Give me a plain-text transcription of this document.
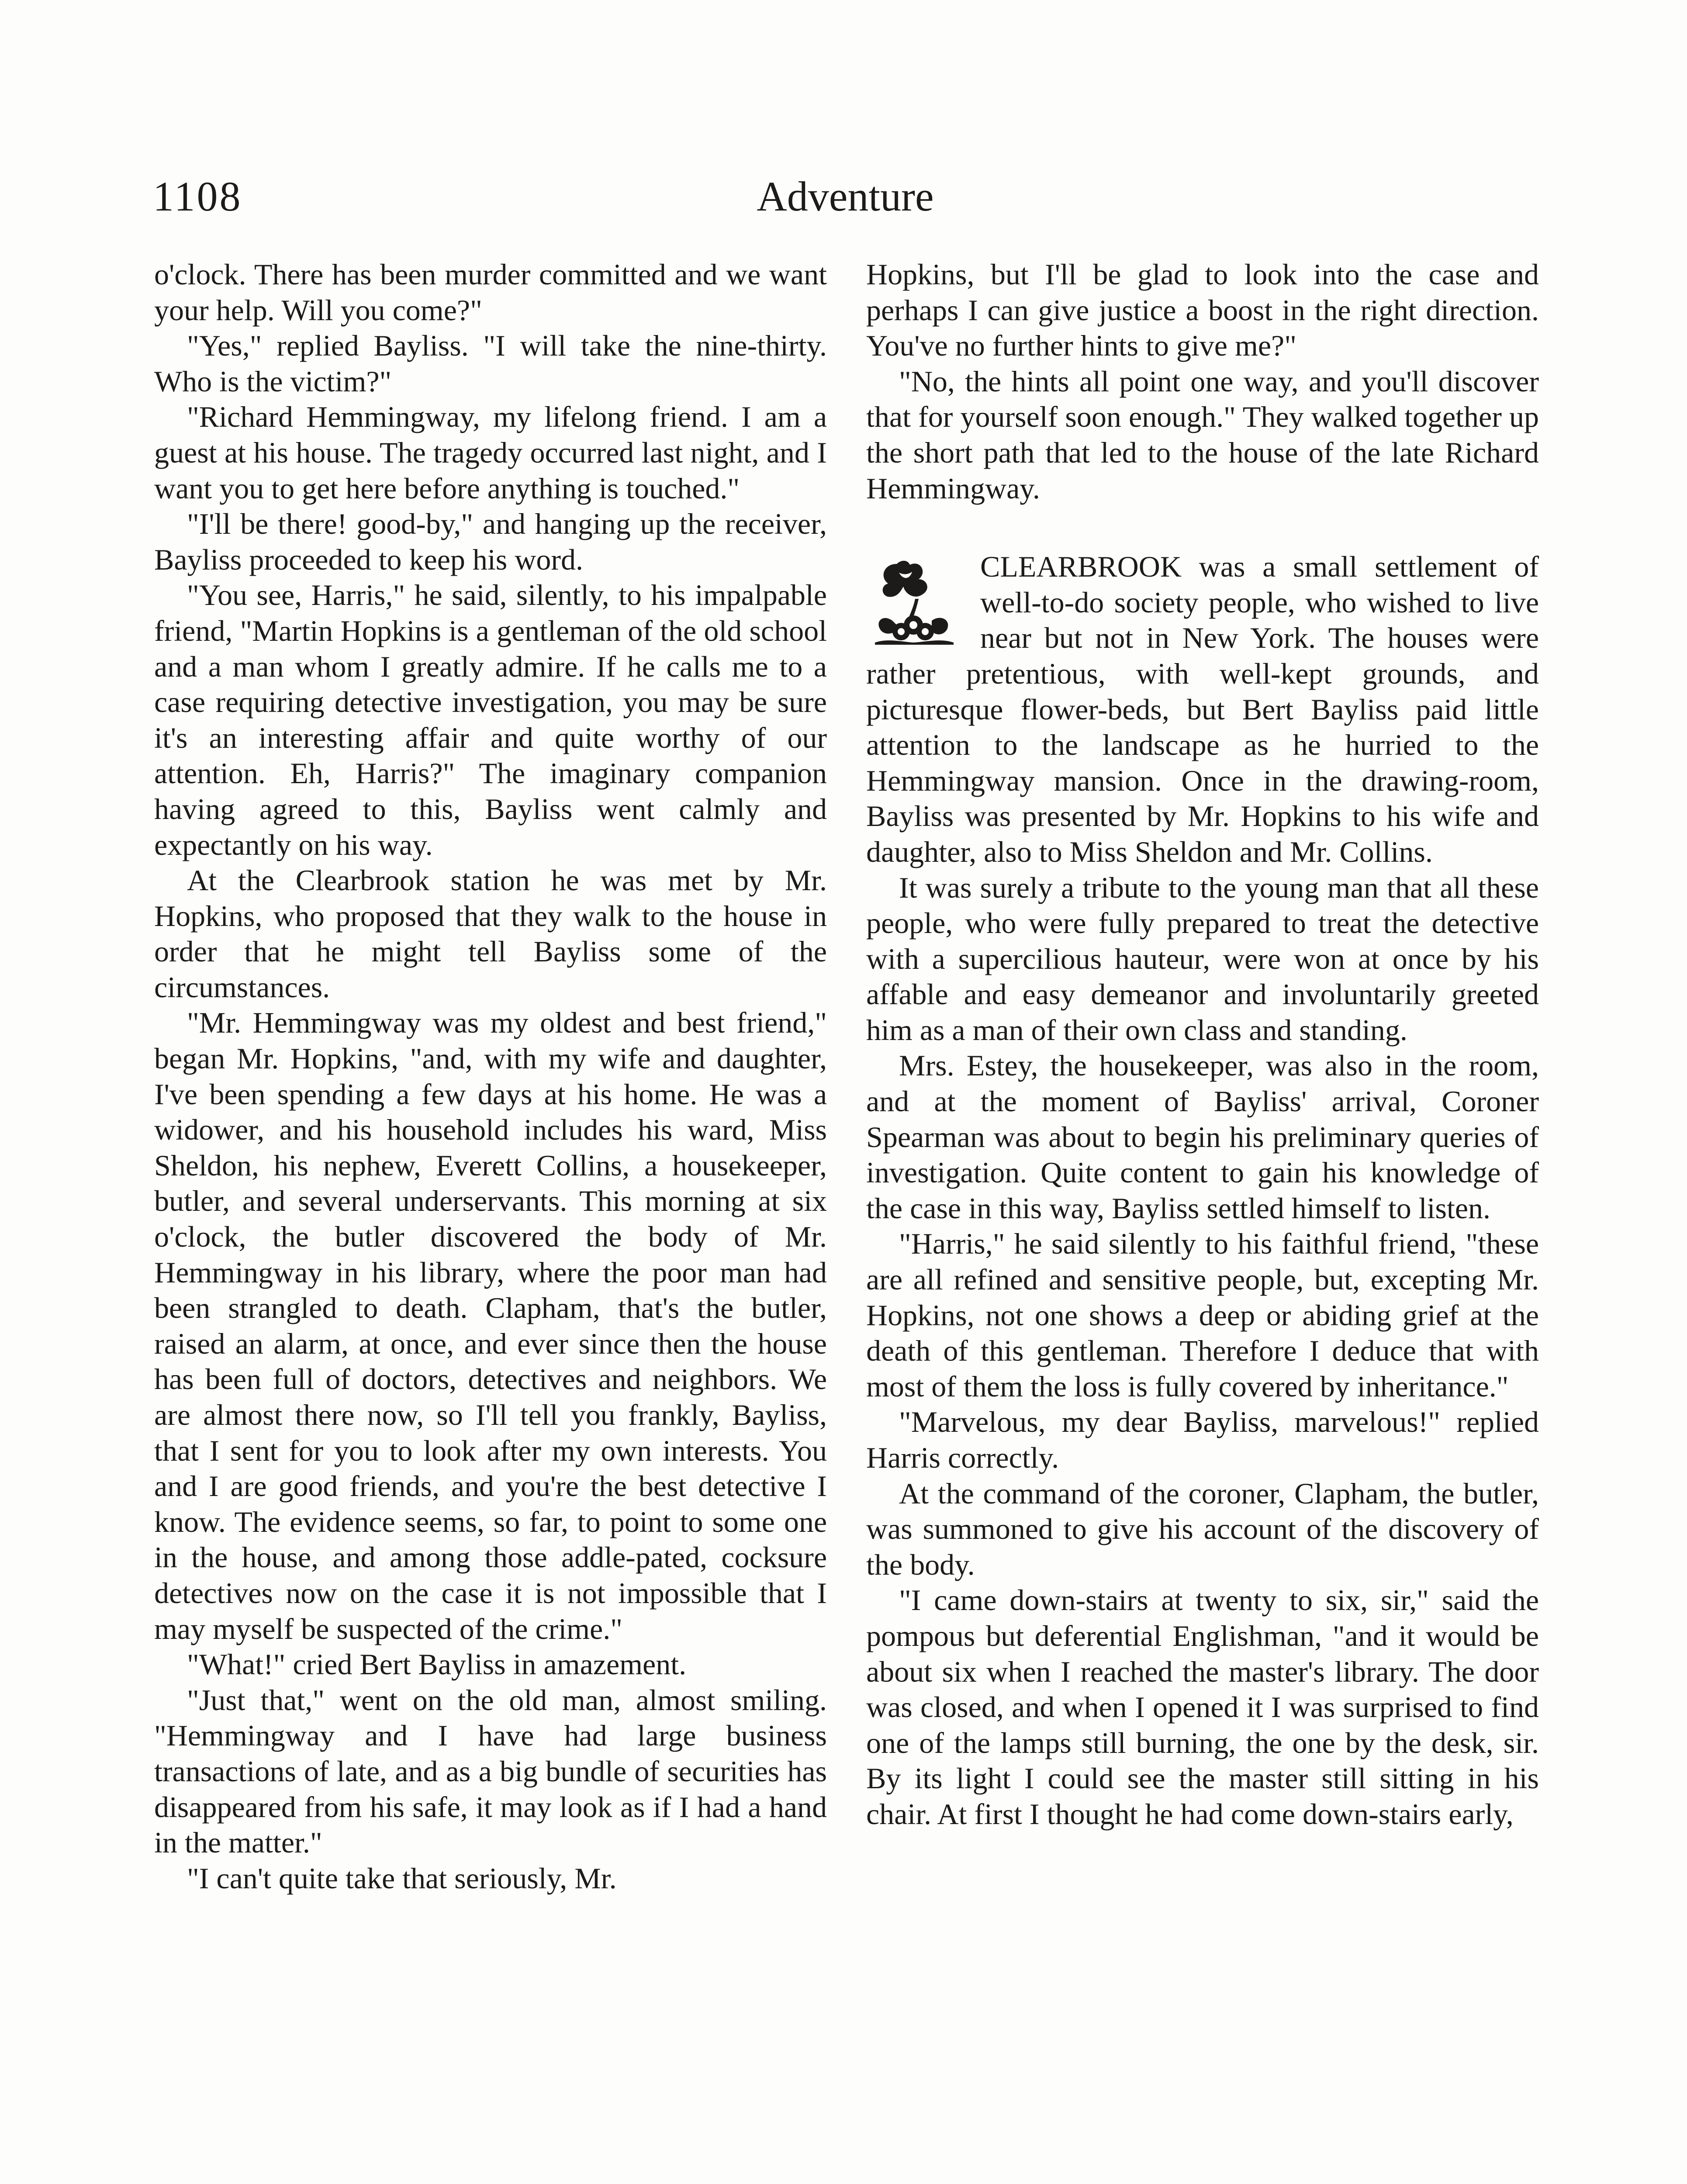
1108	Adventure

o'clock. There has been murder committed and we want your help. Will you come?"

"Yes," replied Bayliss. "I will take the nine-thirty. Who is the victim?"

"Richard Hemmingway, my lifelong friend. I am a guest at his house. The tragedy occurred last night, and I want you to get here before anything is touched."

"I'll be there! good-by," and hanging up the receiver, Bayliss proceeded to keep his word.

"You see, Harris," he said, silently, to his impalpable friend, "Martin Hopkins is a gentleman of the old school and a man whom I greatly admire. If he calls me to a case requiring detective investigation, you may be sure it's an interesting affair and quite worthy of our attention. Eh, Harris?" The imaginary companion having agreed to this, Bayliss went calmly and expectantly on his way.

At the Clearbrook station he was met by Mr. Hopkins, who proposed that they walk to the house in order that he might tell Bayliss some of the circumstances.

"Mr. Hemmingway was my oldest and best friend," began Mr. Hopkins, "and, with my wife and daughter, I've been spending a few days at his home. He was a widower, and his household includes his ward, Miss Sheldon, his nephew, Everett Collins, a housekeeper, butler, and several underservants. This morning at six o'clock, the butler discovered the body of Mr. Hemmingway in his library, where the poor man had been strangled to death. Clapham, that's the butler, raised an alarm, at once, and ever since then the house has been full of doctors, detectives and neighbors. We are almost there now, so I'll tell you frankly, Bayliss, that I sent for you to look after my own interests. You and I are good friends, and you're the best detective I know. The evidence seems, so far, to point to some one in the house, and among those addle-pated, cocksure detectives now on the case it is not impossible that I may myself be suspected of the crime."

"What!" cried Bert Bayliss in amazement.

"Just that," went on the old man, almost smiling. "Hemmingway and I have had large business transactions of late, and as a big bundle of securities has disappeared from his safe, it may look as if I had a hand in the matter."

"I can't quite take that seriously, Mr.

Hopkins, but I'll be glad to look into the case and perhaps I can give justice a boost in the right direction. You've no further hints to give me?"

"No, the hints all point one way, and you'll discover that for yourself soon enough." They walked together up the short path that led to the house of the late Richard Hemmingway.

CLEARBROOK was a small settlement of well-to-do society people, who wished to live near but not in New York. The houses were rather pretentious, with well-kept grounds, and picturesque flower-beds, but Bert Bayliss paid little attention to the landscape as he hurried to the Hemmingway mansion. Once in the drawing-room, Bayliss was presented by Mr. Hopkins to his wife and daughter, also to Miss Sheldon and Mr. Collins.

It was surely a tribute to the young man that all these people, who were fully prepared to treat the detective with a supercilious hauteur, were won at once by his affable and easy demeanor and involuntarily greeted him as a man of their own class and standing.

Mrs. Estey, the housekeeper, was also in the room, and at the moment of Bayliss' arrival, Coroner Spearman was about to begin his preliminary queries of investigation. Quite content to gain his knowledge of the case in this way, Bayliss settled himself to listen.

"Harris," he said silently to his faithful friend, "these are all refined and sensitive people, but, excepting Mr. Hopkins, not one shows a deep or abiding grief at the death of this gentleman. Therefore I deduce that with most of them the loss is fully covered by inheritance."

"Marvelous, my dear Bayliss, marvelous!" replied Harris correctly.

At the command of the coroner, Clapham, the butler, was summoned to give his account of the discovery of the body.

"I came down-stairs at twenty to six, sir," said the pompous but deferential Englishman, "and it would be about six when I reached the master's library. The door was closed, and when I opened it I was surprised to find one of the lamps still burning, the one by the desk, sir. By its light I could see the master still sitting in his chair. At first I thought he had come down-stairs early,
